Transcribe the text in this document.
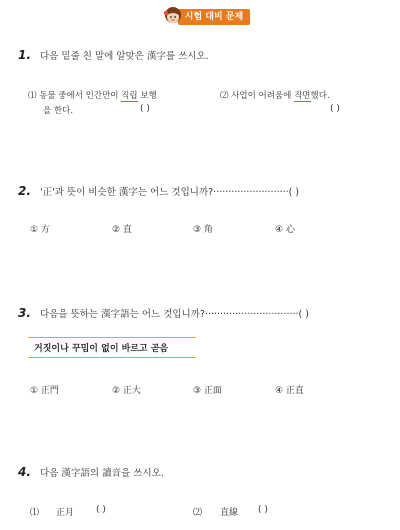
시험 대비 문제
1. 다음 밑줄 친 말에 알맞은 漢字를 쓰시오.
⑴ 동물 중에서 인간만이 직립 보행
을 한다.	( )
⑵ 사업이 어려움에 직면했다.
( )
2. '正'과 뜻이 비슷한 漢字는 어느 것입니까?·························( )
① 方	② 直	③ 角	④ 心
3. 다음을 뜻하는 漢字語는 어느 것입니까?·······························( )
거짓이나 꾸밈이 없이 바르고 곧음
① 正門	② 正大	③ 正面	④ 正直
4. 다음 漢字語의 讀音을 쓰시오.
⑴ 正月 ( )	⑵ 直線 ( )
